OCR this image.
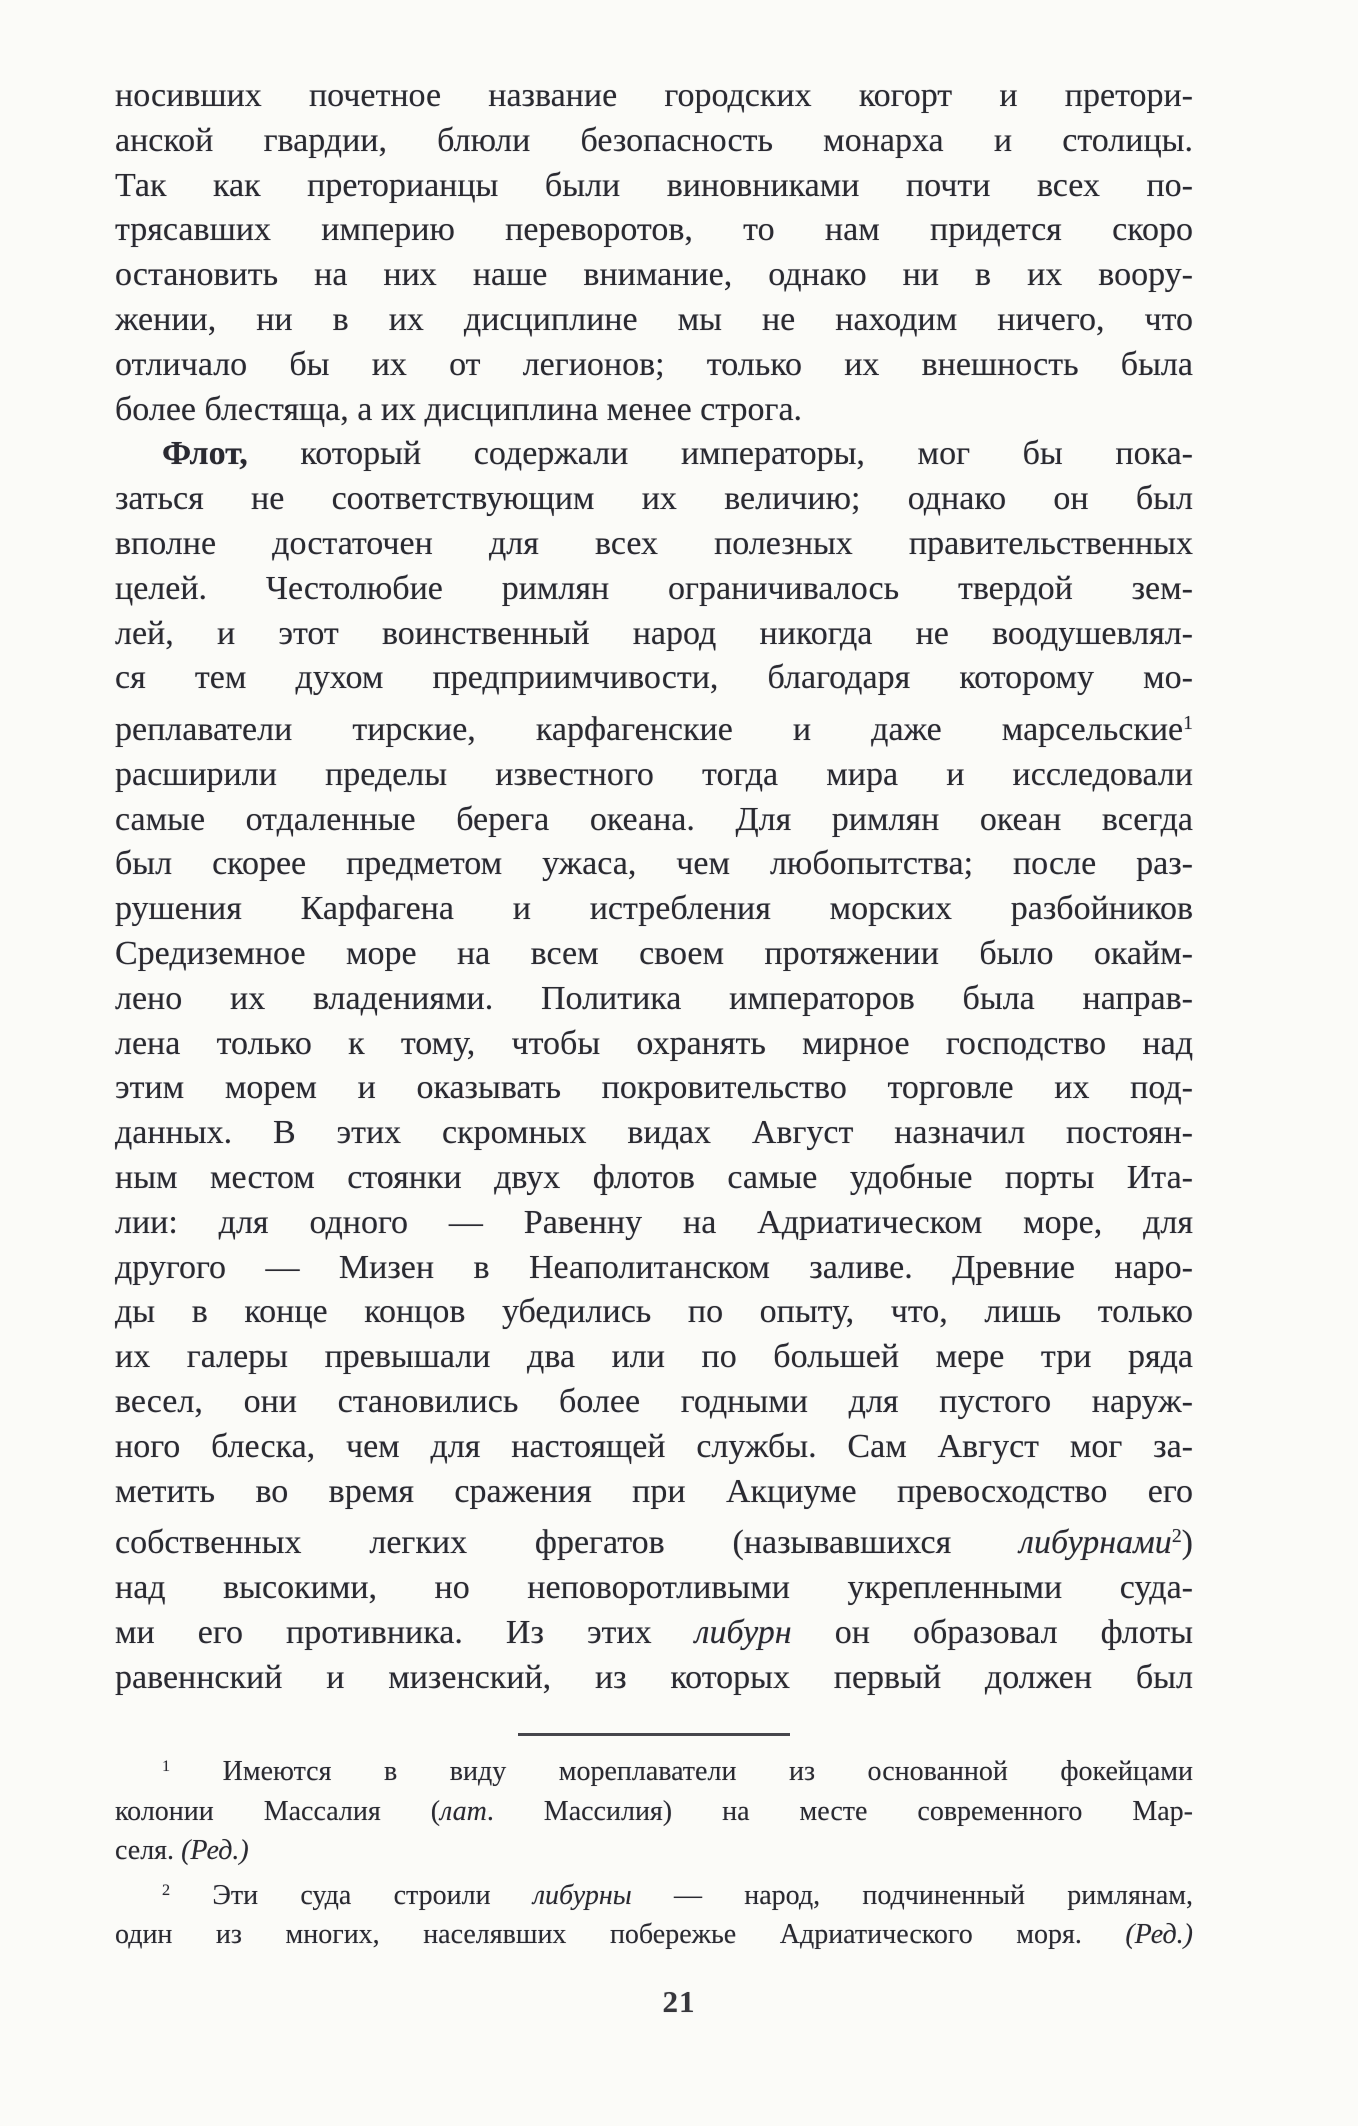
носивших почетное название городских когорт и претори-
анской гвардии, блюли безопасность монарха и столицы.
Так как преторианцы были виновниками почти всех по-
трясавших империю переворотов, то нам придется скоро
остановить на них наше внимание, однако ни в их воору-
жении, ни в их дисциплине мы не находим ничего, что
отличало бы их от легионов; только их внешность была
более блестяща, а их дисциплина менее строга.
Флот, который содержали императоры, мог бы пока-
заться не соответствующим их величию; однако он был
вполне достаточен для всех полезных правительственных
целей. Честолюбие римлян ограничивалось твердой зем-
лей, и этот воинственный народ никогда не воодушевлял-
ся тем духом предприимчивости, благодаря которому мо-
реплаватели тирские, карфагенские и даже марсельские$^1$
расширили пределы известного тогда мира и исследовали
самые отдаленные берега океана. Для римлян океан всегда
был скорее предметом ужаса, чем любопытства; после раз-
рушения Карфагена и истребления морских разбойников
Средиземное море на всем своем протяжении было окайм-
лено их владениями. Политика императоров была направ-
лена только к тому, чтобы охранять мирное господство над
этим морем и оказывать покровительство торговле их под-
данных. В этих скромных видах Август назначил постоян-
ным местом стоянки двух флотов самые удобные порты Ита-
лии: для одного — Равенну на Адриатическом море, для
другого — Мизен в Неаполитанском заливе. Древние наро-
ды в конце концов убедились по опыту, что, лишь только
их галеры превышали два или по большей мере три ряда
весел, они становились более годными для пустого наруж-
ного блеска, чем для настоящей службы. Сам Август мог за-
метить во время сражения при Акциуме превосходство его
собственных легких фрегатов (называвшихся либурнами$^2$)
над высокими, но неповоротливыми укрепленными суда-
ми его противника. Из этих либурн он образовал флоты
равеннский и мизенский, из которых первый должен был
$^1$ Имеются в виду мореплаватели из основанной фокейцами
колонии Массалия (лат. Массилия) на месте современного Мар-
селя. (Ред.)
$^2$ Эти суда строили либурны — народ, подчиненный римлянам,
один из многих, населявших побережье Адриатического моря. (Ред.)
21
